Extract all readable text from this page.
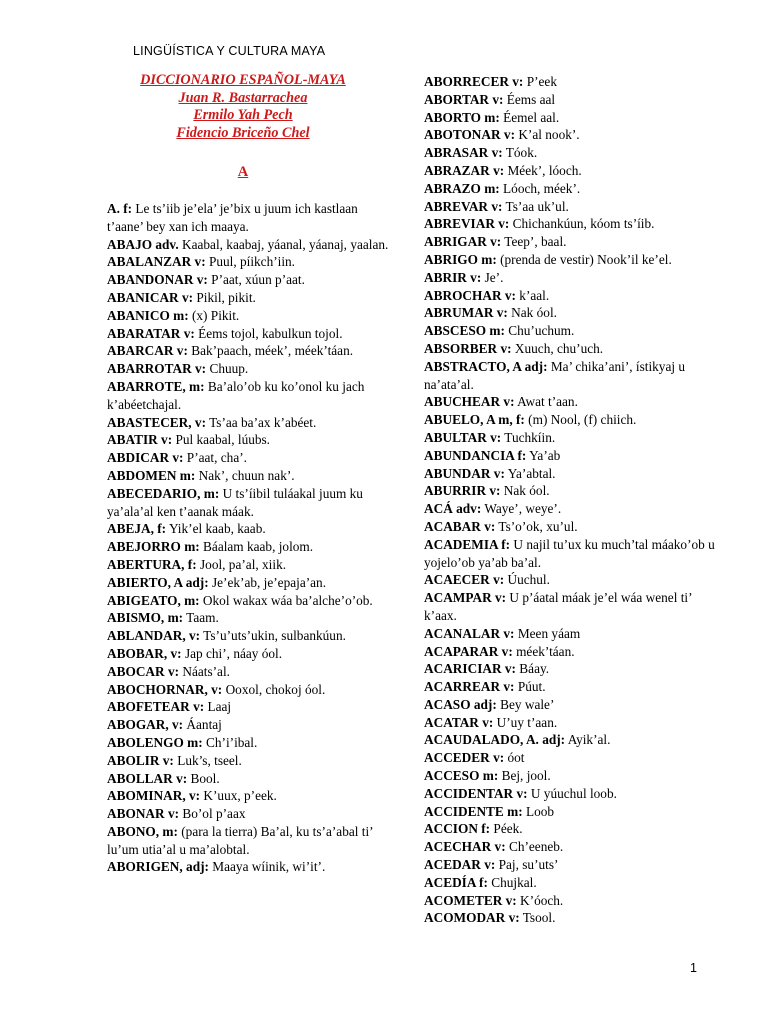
LINGÜÍSTICA Y CULTURA MAYA
DICCIONARIO ESPAÑOL-MAYA
Juan R. Bastarrachea
Ermilo Yah Pech
Fidencio Briceño Chel
A

A. f: Le ts’iib je’ela’ je’bix u juum ich kastlaan t’aane’ bey xan ich maaya.

ABAJO adv. Kaabal, kaabaj, yáanal, yáanaj, yaalan.

ABALANZAR v: Puul, píikch’iin.

ABANDONAR v: P’aat, xúun p’aat.

ABANICAR v: Pikil, pikit.

ABANICO m: (x) Pikit.

ABARATAR v: Éems tojol, kabulkun tojol.

ABARCAR v: Bak’paach, méek’, méek’táan.

ABARROTAR v: Chuup.

ABARROTE, m: Ba’alo’ob ku ko’onol ku jach k’abéetchajal.

ABASTECER, v: Ts’aa ba’ax k’abéet.

ABATIR v: Pul kaabal, lúubs.

ABDICAR v: P’aat, cha’.

ABDOMEN m: Nak’, chuun nak’.

ABECEDARIO, m: U ts’íibil tuláakal juum ku ya’ala’al ken t’aanak máak.

ABEJA, f: Yik’el kaab, kaab.

ABEJORRO m: Báalam kaab, jolom.

ABERTURA, f: Jool, pa’al, xiik.

ABIERTO, A adj: Je’ek’ab, je’epaja’an.

ABIGEATO, m: Okol wakax wáa ba’alche’o’ob.

ABISMO, m: Taam.

ABLANDAR, v: Ts’u’uts’ukin, sulbankúun.

ABOBAR, v: Jap chi’, náay óol.

ABOCAR v: Náats’al.

ABOCHORNAR, v: Ooxol, chokoj óol.

ABOFETEAR v: Laaj

ABOGAR, v: Áantaj

ABOLENGO m: Ch’i’ibal.

ABOLIR v: Luk’s, tseel.

ABOLLAR v: Bool.

ABOMINAR, v: K’uux, p’eek.

ABONAR v: Bo’ol p’aax

ABONO, m: (para la tierra) Ba’al, ku ts’a’abal ti’ lu’um utia’al u ma’alobtal.

ABORIGEN, adj: Maaya wíinik, wi’it’.

ABORRECER v: P’eek

ABORTAR v: Éems aal

ABORTO m: Éemel aal.

ABOTONAR v: K’al nook’.

ABRASAR v: Tóok.

ABRAZAR v: Méek’, lóoch.

ABRAZO m: Lóoch, méek’.

ABREVAR v: Ts’aa uk’ul.

ABREVIAR v: Chichankúun, kóom ts’íib.

ABRIGAR v: Teep’, baal.

ABRIGO m: (prenda de vestir) Nook’il ke’el.

ABRIR v: Je’.

ABROCHAR v: k’aal.

ABRUMAR v: Nak óol.

ABSCESO m: Chu’uchum.

ABSORBER v: Xuuch, chu’uch.

ABSTRACTO, A adj: Ma’ chika’ani’, ístikyaj u na’ata’al.

ABUCHEAR v: Awat t’aan.

ABUELO, A m, f: (m) Nool, (f) chiich.

ABULTAR v: Tuchkíin.

ABUNDANCIA f: Ya’ab

ABUNDAR v: Ya’abtal.

ABURRIR v: Nak óol.

ACÁ adv: Waye’, weye’.

ACABAR v: Ts’o’ok, xu’ul.

ACADEMIA f: U najil tu’ux ku much’tal máako’ob u yojelo’ob ya’ab ba’al.

ACAECER v: Úuchul.

ACAMPAR v: U p’áatal máak je’el wáa wenel ti’ k’aax.

ACANALAR v: Meen yáam

ACAPARAR v: méek’táan.

ACARICIAR v: Báay.

ACARREAR v: Púut.

ACASO adj: Bey wale’

ACATAR v: U’uy t’aan.

ACAUDALADO, A. adj: Ayik’al.

ACCEDER v: óot

ACCESO m: Bej, jool.

ACCIDENTAR v: U yúuchul loob.

ACCIDENTE m: Loob

ACCION f: Péek.

ACECHAR v: Ch’eeneb.

ACEDAR v: Paj, su’uts’

ACEDÍA f: Chujkal.

ACOMETER v: K’óoch.

ACOMODAR v: Tsool.

1
